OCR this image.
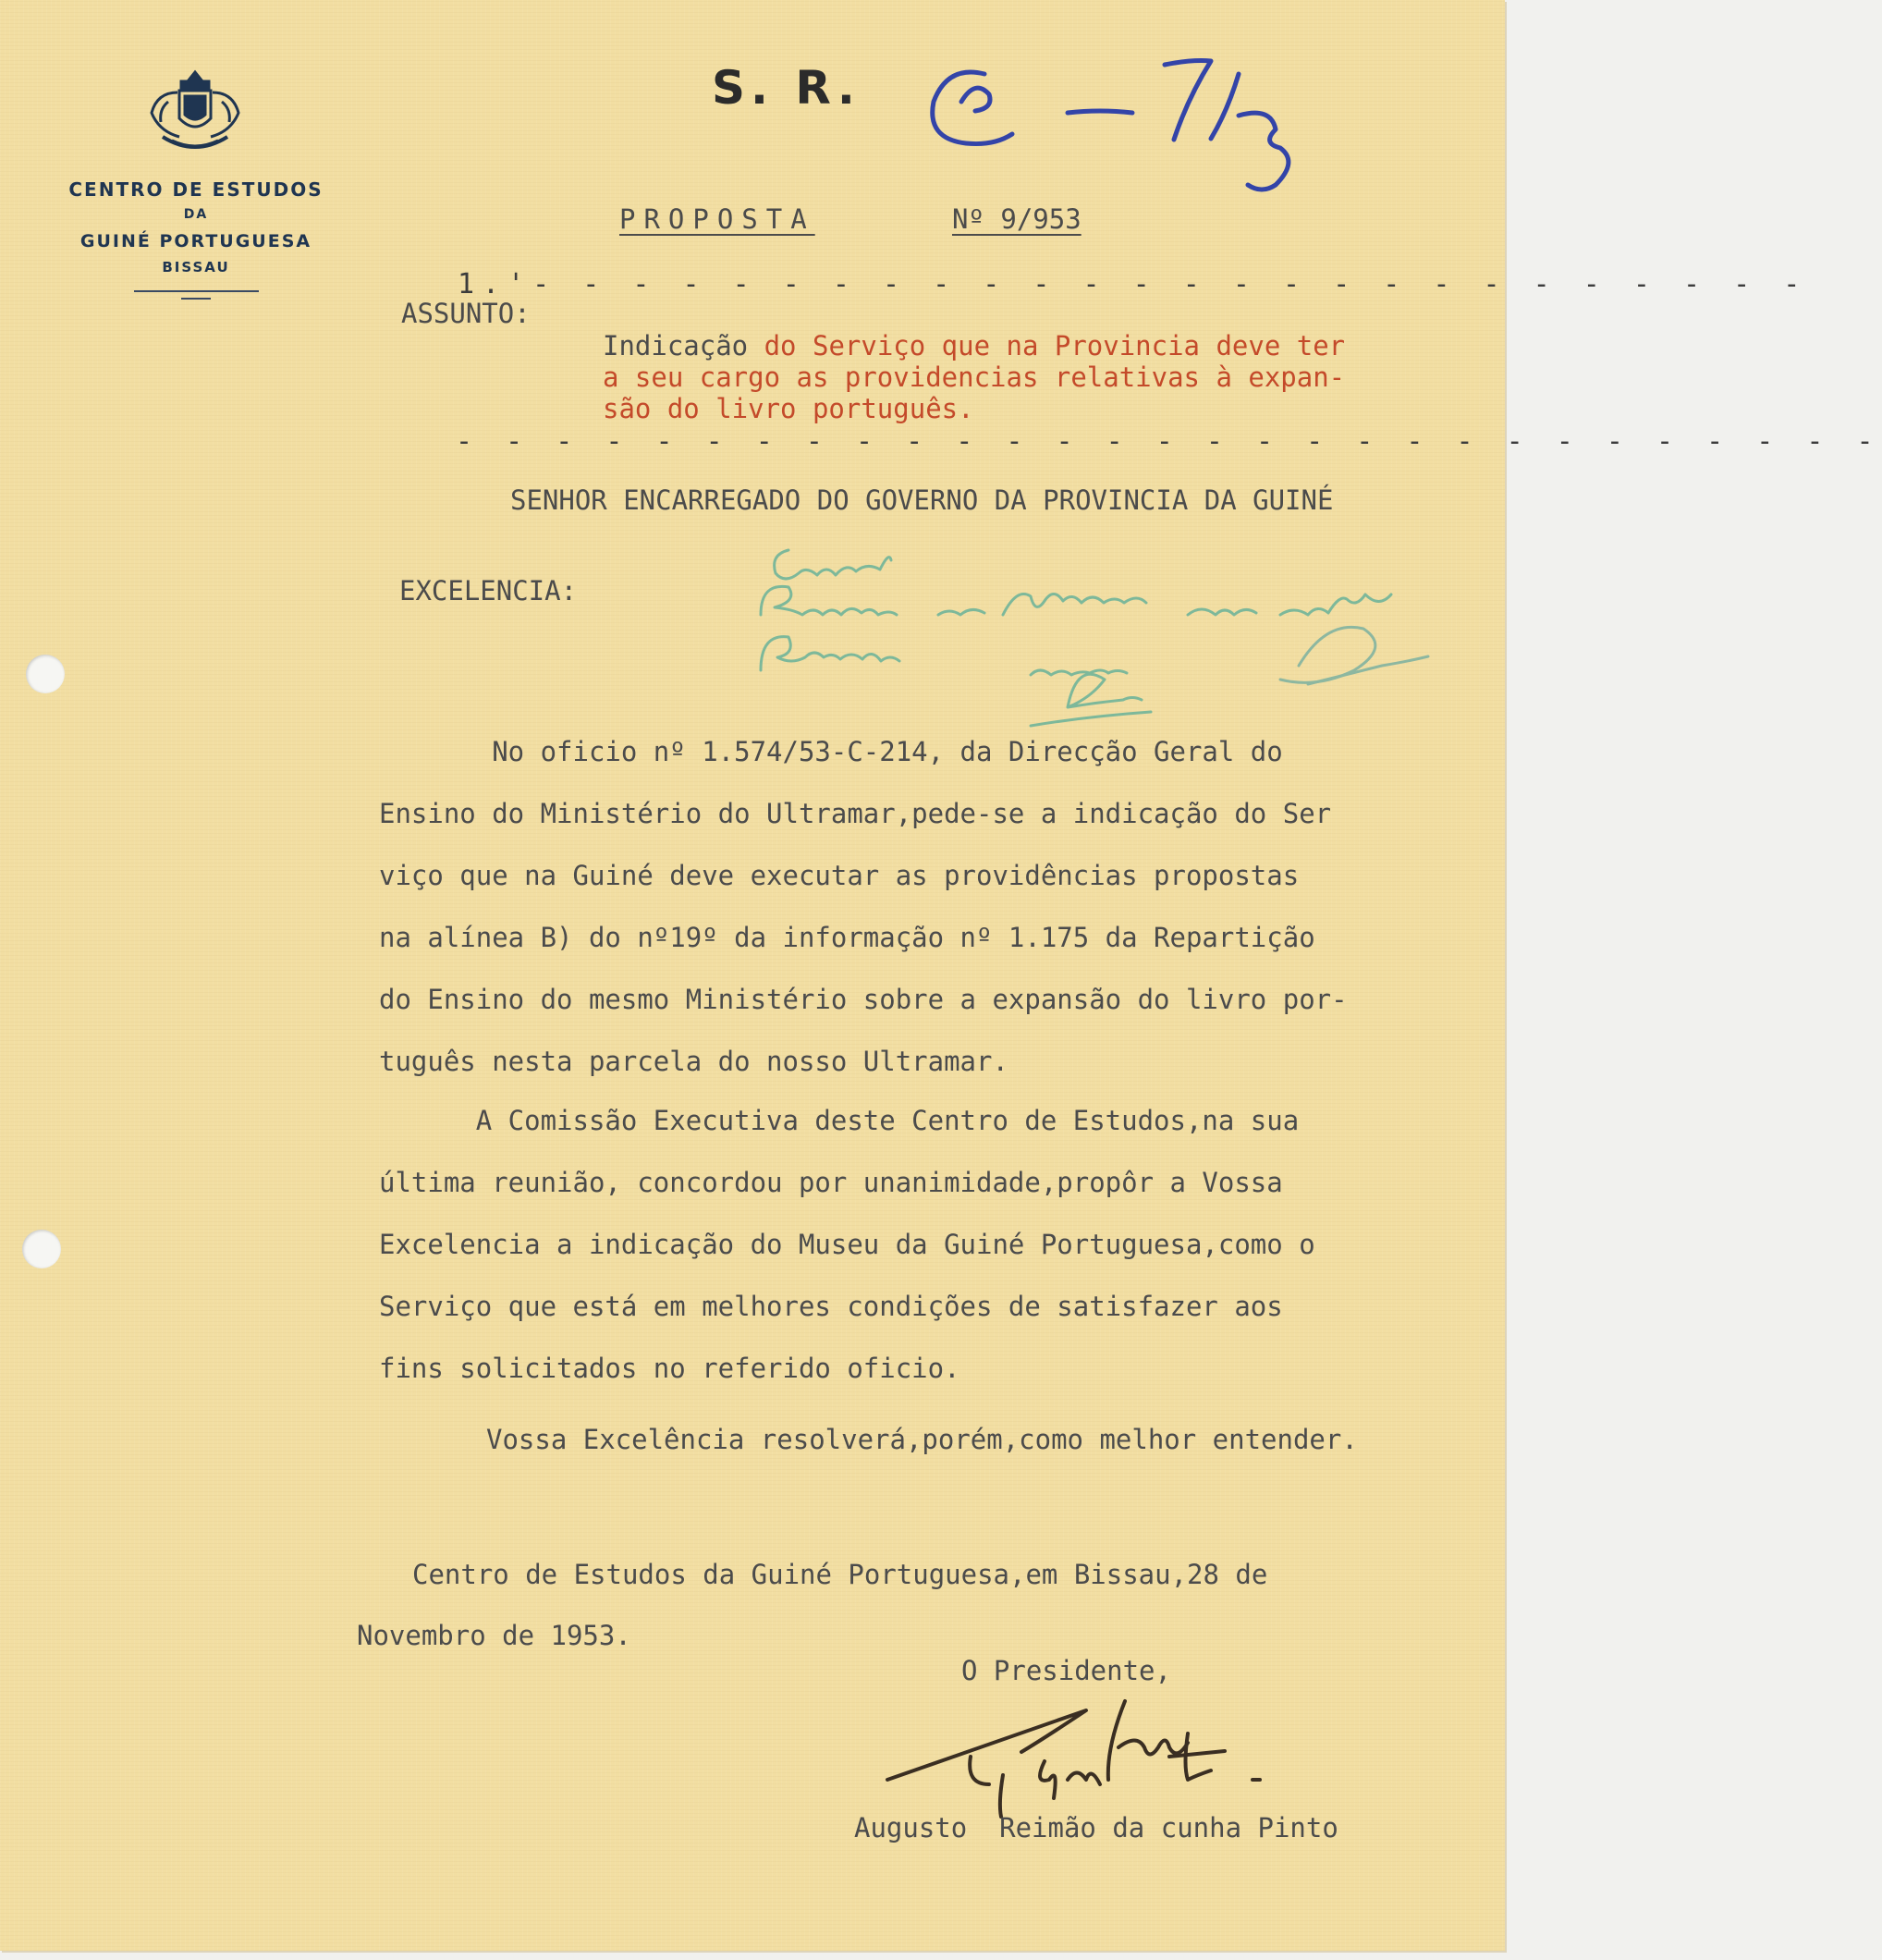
CENTRO DE ESTUDOS
DA
GUINÉ PORTUGUESA
BISSAU
S. R.
PROPOSTA	Nº 9/953
1.'- - - - - - - - - - - - - - - - - - - - - - - - - -
ASSUNTO:
Indicação do Serviço que na Provincia deve ter
a seu cargo as providencias relativas à expan-
são do livro português.
- - - - - - - - - - - - - - - - - - - - - - - - - - - - -
SENHOR ENCARREGADO DO GOVERNO DA PROVINCIA DA GUINÉ
EXCELENCIA:
No oficio nº 1.574/53-C-214, da Direcção Geral do
Ensino do Ministério do Ultramar,pede-se a indicação do Ser
viço que na Guiné deve executar as providências propostas
na alínea B) do nº19º da informação nº 1.175 da Repartição
do Ensino do mesmo Ministério sobre a expansão do livro por-
tuguês nesta parcela do nosso Ultramar.
A Comissão Executiva deste Centro de Estudos,na sua
última reunião, concordou por unanimidade,propôr a Vossa
Excelencia a indicação do Museu da Guiné Portuguesa,como o
Serviço que está em melhores condições de satisfazer aos
fins solicitados no referido oficio.
Vossa Excelência resolverá,porém,como melhor entender.
Centro de Estudos da Guiné Portuguesa,em Bissau,28 de
Novembro de 1953.
O Presidente,
Augusto  Reimão da cunha Pinto
